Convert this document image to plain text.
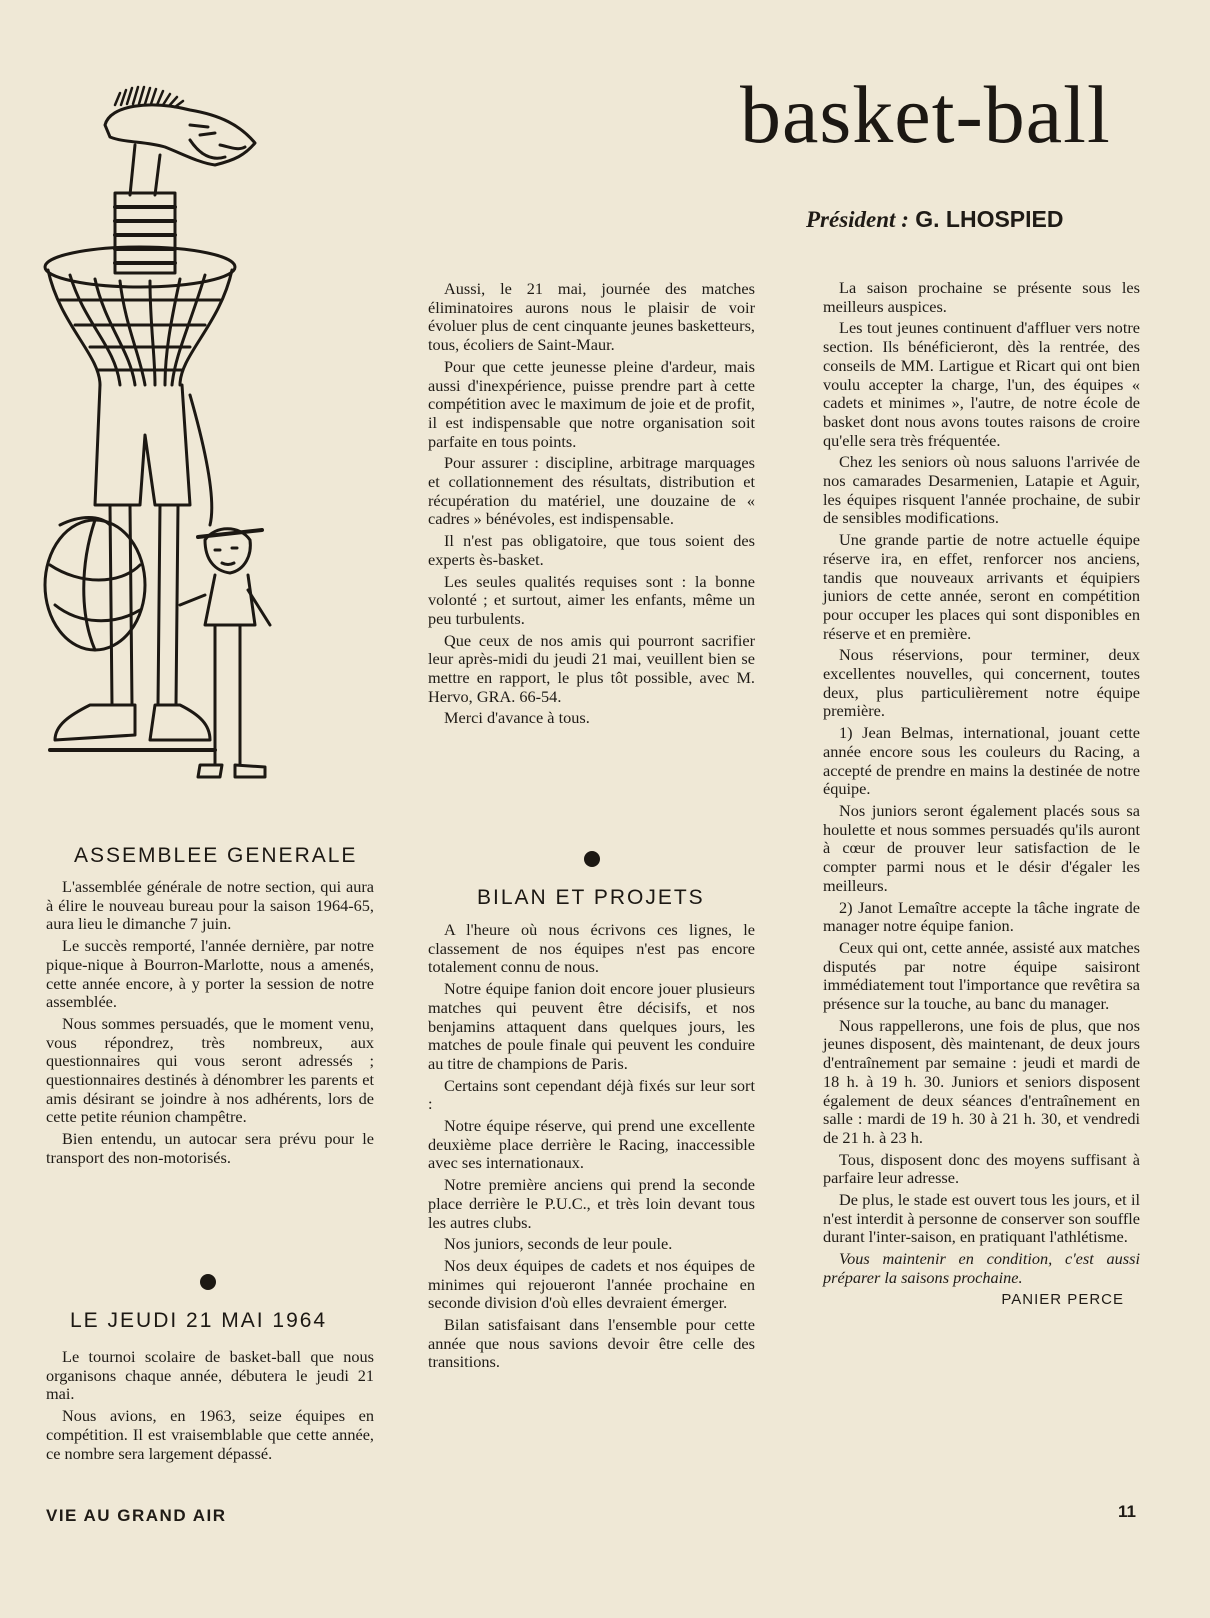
basket-ball

Président : G. LHOSPIED

ASSEMBLEE GENERALE

L'assemblée générale de notre section, qui aura à élire le nouveau bureau pour la saison 1964-65, aura lieu le dimanche 7 juin.

Le succès remporté, l'année dernière, par notre pique-nique à Bourron-Marlotte, nous a amenés, cette année encore, à y porter la session de notre assemblée.

Nous sommes persuadés, que le moment venu, vous répondrez, très nombreux, aux questionnaires qui vous seront adressés ; questionnaires destinés à dénombrer les parents et amis désirant se joindre à nos adhérents, lors de cette petite réunion champêtre.

Bien entendu, un autocar sera prévu pour le transport des non-motorisés.

LE JEUDI 21 MAI 1964

Le tournoi scolaire de basket-ball que nous organisons chaque année, débutera le jeudi 21 mai.

Nous avions, en 1963, seize équipes en compétition. Il est vraisemblable que cette année, ce nombre sera largement dépassé.

Aussi, le 21 mai, journée des matches éliminatoires aurons nous le plaisir de voir évoluer plus de cent cinquante jeunes basketteurs, tous, écoliers de Saint-Maur.

Pour que cette jeunesse pleine d'ardeur, mais aussi d'inexpérience, puisse prendre part à cette compétition avec le maximum de joie et de profit, il est indispensable que notre organisation soit parfaite en tous points.

Pour assurer : discipline, arbitrage marquages et collationnement des résultats, distribution et récupération du matériel, une douzaine de « cadres » bénévoles, est indispensable.

Il n'est pas obligatoire, que tous soient des experts ès-basket.

Les seules qualités requises sont : la bonne volonté ; et surtout, aimer les enfants, même un peu turbulents.

Que ceux de nos amis qui pourront sacrifier leur après-midi du jeudi 21 mai, veuillent bien se mettre en rapport, le plus tôt possible, avec M. Hervo, GRA. 66-54.

Merci d'avance à tous.

BILAN ET PROJETS

A l'heure où nous écrivons ces lignes, le classement de nos équipes n'est pas encore totalement connu de nous.

Notre équipe fanion doit encore jouer plusieurs matches qui peuvent être décisifs, et nos benjamins attaquent dans quelques jours, les matches de poule finale qui peuvent les conduire au titre de champions de Paris.

Certains sont cependant déjà fixés sur leur sort :

Notre équipe réserve, qui prend une excellente deuxième place derrière le Racing, inaccessible avec ses internationaux.

Notre première anciens qui prend la seconde place derrière le P.U.C., et très loin devant tous les autres clubs.

Nos juniors, seconds de leur poule.

Nos deux équipes de cadets et nos équipes de minimes qui rejoueront l'année prochaine en seconde division d'où elles devraient émerger.

Bilan satisfaisant dans l'ensemble pour cette année que nous savions devoir être celle des transitions.

La saison prochaine se présente sous les meilleurs auspices.

Les tout jeunes continuent d'affluer vers notre section. Ils bénéficieront, dès la rentrée, des conseils de MM. Lartigue et Ricart qui ont bien voulu accepter la charge, l'un, des équipes « cadets et minimes », l'autre, de notre école de basket dont nous avons toutes raisons de croire qu'elle sera très fréquentée.

Chez les seniors où nous saluons l'arrivée de nos camarades Desarmenien, Latapie et Aguir, les équipes risquent l'année prochaine, de subir de sensibles modifications.

Une grande partie de notre actuelle équipe réserve ira, en effet, renforcer nos anciens, tandis que nouveaux arrivants et équipiers juniors de cette année, seront en compétition pour occuper les places qui sont disponibles en réserve et en première.

Nous réservions, pour terminer, deux excellentes nouvelles, qui concernent, toutes deux, plus particulièrement notre équipe première.

1) Jean Belmas, international, jouant cette année encore sous les couleurs du Racing, a accepté de prendre en mains la destinée de notre équipe.

Nos juniors seront également placés sous sa houlette et nous sommes persuadés qu'ils auront à cœur de prouver leur satisfaction de le compter parmi nous et le désir d'égaler les meilleurs.

2) Janot Lemaître accepte la tâche ingrate de manager notre équipe fanion.

Ceux qui ont, cette année, assisté aux matches disputés par notre équipe saisiront immédiatement tout l'importance que revêtira sa présence sur la touche, au banc du manager.

Nous rappellerons, une fois de plus, que nos jeunes disposent, dès maintenant, de deux jours d'entraînement par semaine : jeudi et mardi de 18 h. à 19 h. 30. Juniors et seniors disposent également de deux séances d'entraînement en salle : mardi de 19 h. 30 à 21 h. 30, et vendredi de 21 h. à 23 h.

Tous, disposent donc des moyens suffisant à parfaire leur adresse.

De plus, le stade est ouvert tous les jours, et il n'est interdit à personne de conserver son souffle durant l'inter-saison, en pratiquant l'athlétisme.

Vous maintenir en condition, c'est aussi préparer la saisons prochaine.

PANIER PERCE

VIE AU GRAND AIR	11
